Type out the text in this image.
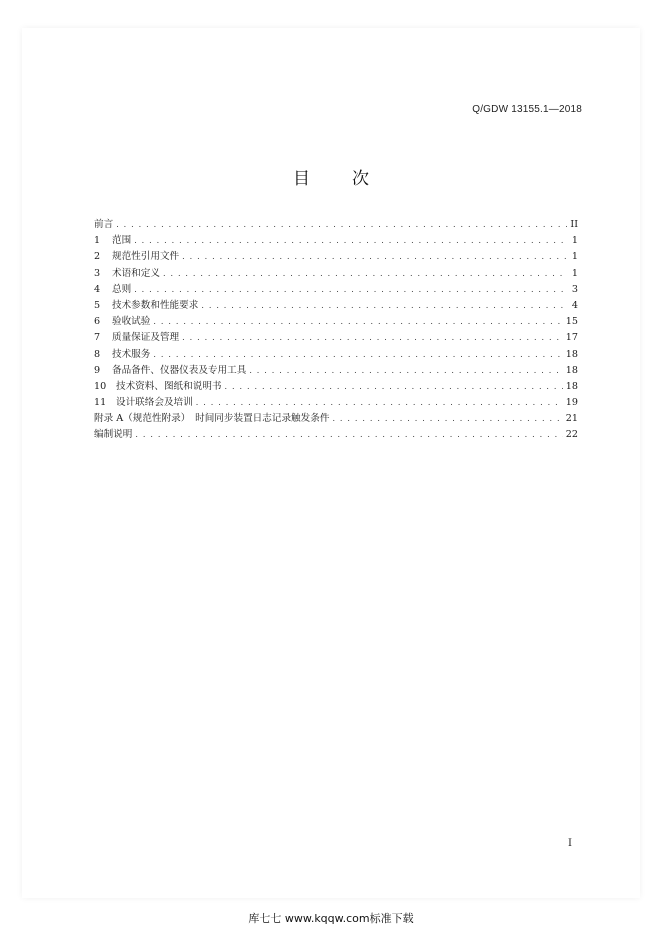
Q/GDW 13155.1—2018
目 次
前言 . . .	II
1	范围 . . .	1
2	规范性引用文件 . . .	1
3	术语和定义 . . .	1
4	总则 . . .	3
5	技术参数和性能要求 . . .	4
6	验收试验 . . .	15
7	质量保证及管理 . . .	17
8	技术服务 . . .	18
9	备品备件、仪器仪表及专用工具 . . .	18
10	技术资料、图纸和说明书 . . .	18
11	设计联络会及培训 . . .	19
附录 A（规范性附录）　时间同步装置日志记录触发条件 . . .	21
编制说明 . . .	22
I
库七七 www.kqqw.com标准下载
